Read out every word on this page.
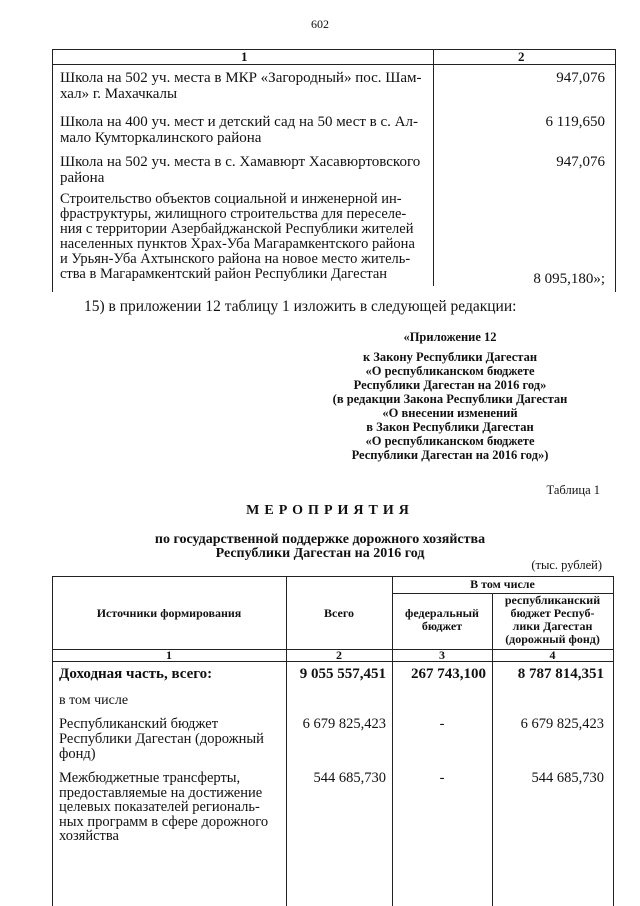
602
1	2
Школа на 502 уч. места в МКР «Загородный» пос. Шам-
хал» г. Махачкалы
947,076
Школа на 400 уч. мест и детский сад на 50 мест в с. Ал-
мало Кумторкалинского района
6 119,650
Школа на 502 уч. места в с. Хамавюрт Хасавюртовского
района
947,076
Строительство объектов социальной и инженерной ин-
фраструктуры, жилищного строительства для переселе-
ния с территории Азербайджанской Республики жителей
населенных пунктов Храх-Уба Магарамкентского района
и Урьян-Уба Ахтынского района на новое место житель-
ства в Магарамкентский район Республики Дагестан	8 095,180»;
15) в приложении 12 таблицу 1 изложить в следующей редакции:
«Приложение 12
к Закону Республики Дагестан
«О республиканском бюджете
Республики Дагестан на 2016 год»
(в редакции Закона Республики Дагестан
«О внесении изменений
в Закон Республики Дагестан
«О республиканском бюджете
Республики Дагестан на 2016 год»)
Таблица 1
МЕРОПРИЯТИЯ
по государственной поддержке дорожного хозяйства
Республики Дагестан на 2016 год
(тыс. рублей)
Источники формирования	Всего
В том числе
федеральный
бюджет
республиканский
бюджет Респуб-
лики Дагестан
(дорожный фонд)
1	2	3	4
Доходная часть, всего:	9 055 557,451	267 743,100	8 787 814,351
в том числе
Республиканский бюджет
Республики Дагестан (дорожный
фонд)
6 679 825,423	-	6 679 825,423
Межбюджетные трансферты,
предоставляемые на достижение
целевых показателей региональ-
ных программ в сфере дорожного
хозяйства
544 685,730	-	544 685,730
